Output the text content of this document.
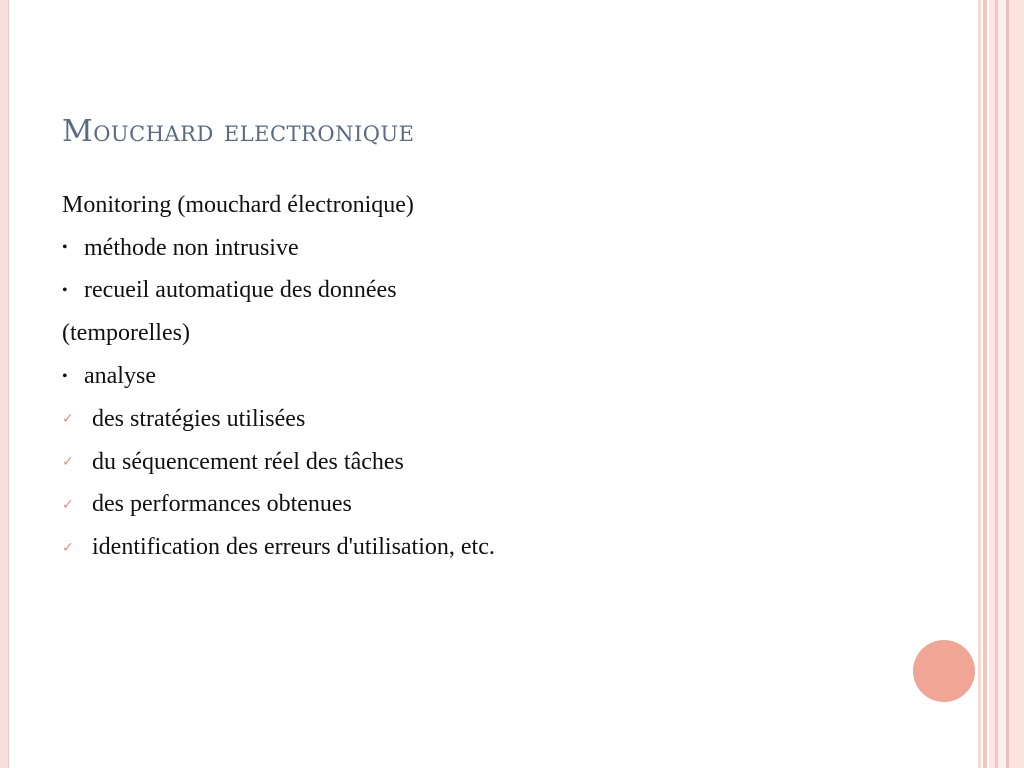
Mouchard electronique
Monitoring (mouchard électronique)
• méthode non intrusive
• recueil automatique des données
(temporelles)
• analyse
✓ des stratégies utilisées
✓ du séquencement réel des tâches
✓ des performances obtenues
✓ identification des erreurs d'utilisation, etc.
